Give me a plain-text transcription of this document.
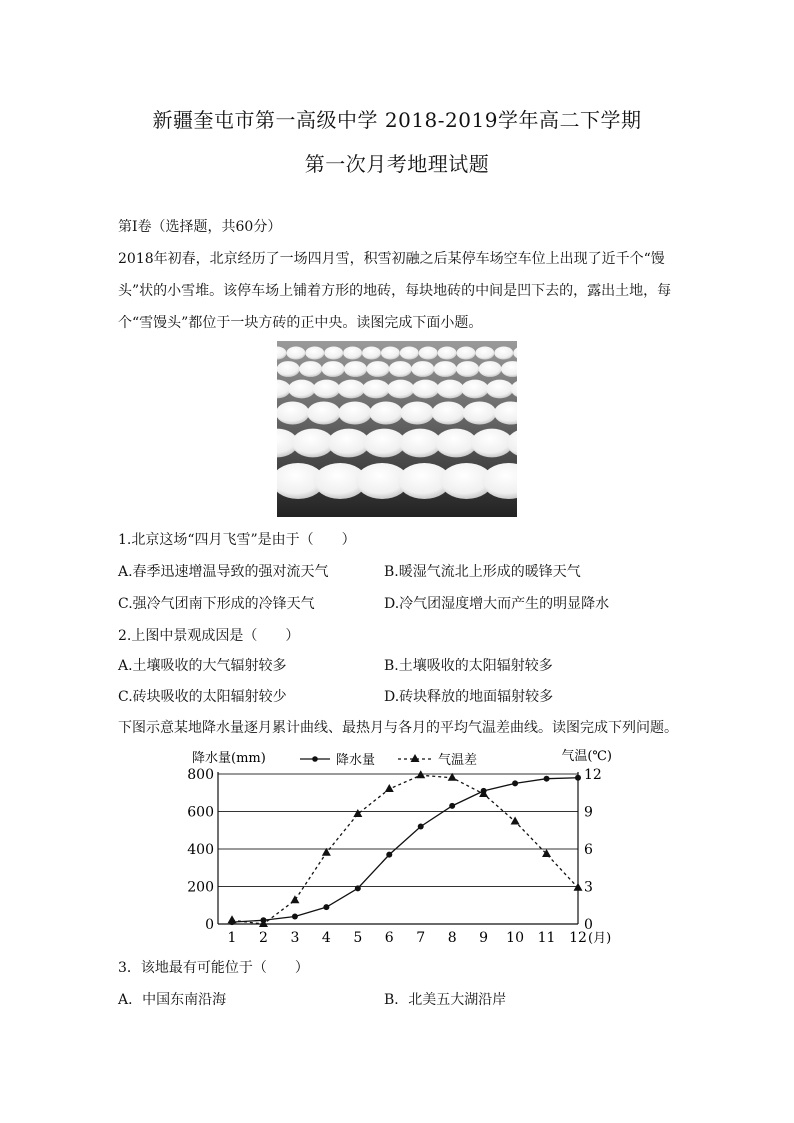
新疆奎屯市第一高级中学 2018-2019学年高二下学期
第一次月考地理试题
第Ⅰ卷（选择题，共60分）
2018年初春，北京经历了一场四月雪，积雪初融之后某停车场空车位上出现了近千个“馒
头”状的小雪堆。该停车场上铺着方形的地砖，每块地砖的中间是凹下去的，露出土地，每
个“雪馒头”都位于一块方砖的正中央。读图完成下面小题。
1.北京这场“四月飞雪”是由于（　　）
A.春季迅速增温导致的强对流天气	B.暖湿气流北上形成的暖锋天气
C.强冷气团南下形成的冷锋天气	D.冷气团湿度增大而产生的明显降水
2.上图中景观成因是（　　）
A.土壤吸收的大气辐射较多	B.土壤吸收的太阳辐射较多
C.砖块吸收的太阳辐射较少	D.砖块释放的地面辐射较多
下图示意某地降水量逐月累计曲线、最热月与各月的平均气温差曲线。读图完成下列问题。
0
200
400
600
800
0
3
6
9
12
1 2 3 4 5 6 7 8 9 10 11 12 (月)
降水量(mm)	气温(℃)
降水量	气温差
3．该地最有可能位于（　　）
A．中国东南沿海	B．北美五大湖沿岸
